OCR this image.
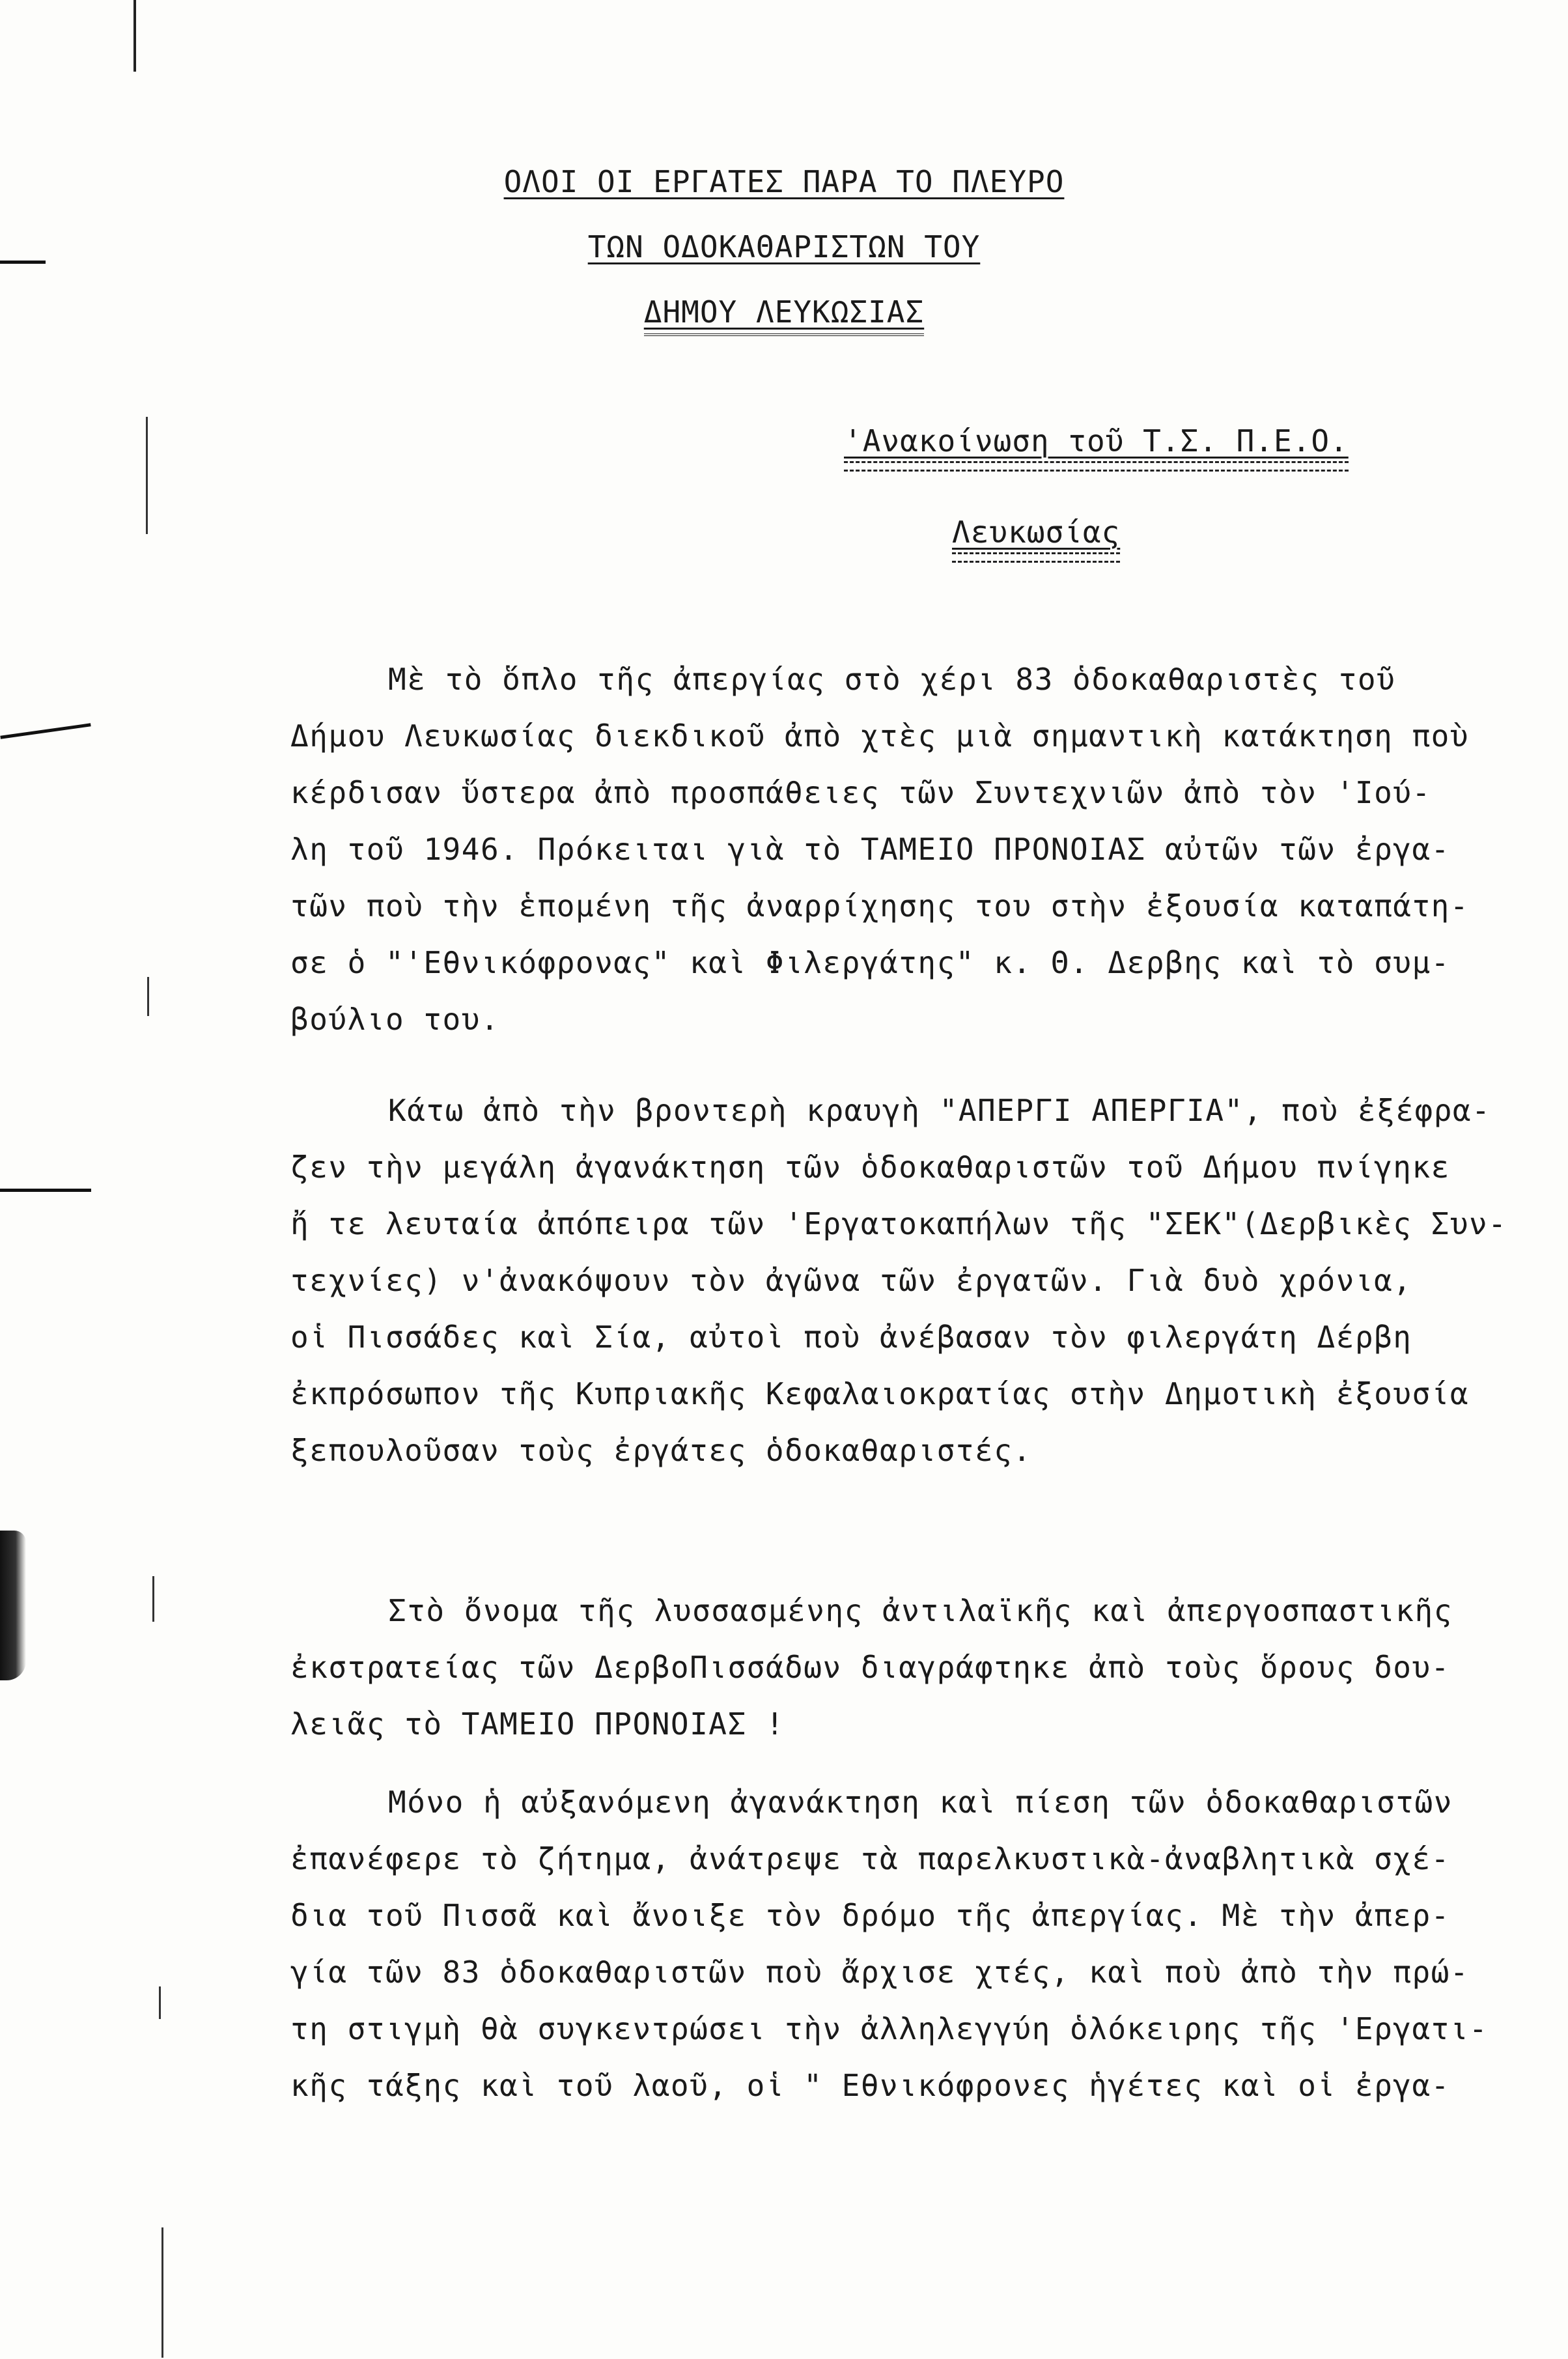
ΟΛΟΙ ΟΙ ΕΡΓΑΤΕΣ ΠΑΡΑ ΤΟ ΠΛΕΥΡΟ
ΤΩΝ ΟΔΟΚΑΘΑΡΙΣΤΩΝ ΤΟΥ
ΔΗΜΟΥ ΛΕΥΚΩΣΙΑΣ
'Ανακοίνωση τοῦ Τ.Σ. Π.Ε.Ο.
Λευκωσίας
Μὲ τὸ ὅπλο τῆς ἀπεργίας στὸ χέρι 83 ὁδοκαθαριστὲς τοῦ
Δήμου Λευκωσίας διεκδικοῦ ἀπὸ χτὲς μιὰ σημαντικὴ κατάκτηση ποὺ
κέρδισαν ὕστερα ἀπὸ προσπάθειες τῶν Συντεχνιῶν ἀπὸ τὸν 'Ιού-
λη τοῦ 1946. Πρόκειται γιὰ τὸ ΤΑΜΕΙΟ ΠΡΟΝΟΙΑΣ αὐτῶν τῶν ἐργα-
τῶν ποὺ τὴν ἑπομένη τῆς ἀναρρίχησης του στὴν ἐξουσία καταπάτη-
σε ὁ "'Εθνικόφρονας" καὶ Φιλεργάτης" κ. Θ. Δερβης καὶ τὸ συμ-
βούλιο του.
Κάτω ἀπὸ τὴν βροντερὴ κραυγὴ "ΑΠΕΡΓΙ ΑΠΕΡΓΙΑ", ποὺ ἐξέφρα-
ζεν τὴν μεγάλη ἀγανάκτηση τῶν ὁδοκαθαριστῶν τοῦ Δήμου πνίγηκε
ἤ τε λευταία ἀπόπειρα τῶν 'Εργατοκαπήλων τῆς "ΣΕΚ"(Δερβικὲς Συν-
τεχνίες) ν'ἀνακόψουν τὸν ἀγῶνα τῶν ἐργατῶν. Γιὰ δυὸ χρόνια,
οἱ Πισσάδες καὶ Σία, αὐτοὶ ποὺ ἀνέβασαν τὸν φιλεργάτη Δέρβη
ἐκπρόσωπον τῆς Κυπριακῆς Κεφαλαιοκρατίας στὴν Δημοτικὴ ἐξουσία
ξεπουλοῦσαν τοὺς ἐργάτες ὁδοκαθαριστές.
Στὸ ὄνομα τῆς λυσσασμένης ἀντιλαϊκῆς καὶ ἀπεργοσπαστικῆς
ἐκστρατείας τῶν ΔερβοΠισσάδων διαγράφτηκε ἀπὸ τοὺς ὅρους δου-
λειᾶς τὸ ΤΑΜΕΙΟ ΠΡΟΝΟΙΑΣ !
Μόνο ἡ αὐξανόμενη ἀγανάκτηση καὶ πίεση τῶν ὁδοκαθαριστῶν
ἐπανέφερε τὸ ζήτημα, ἀνάτρεψε τὰ παρελκυστικὰ-ἀναβλητικὰ σχέ-
δια τοῦ Πισσᾶ καὶ ἄνοιξε τὸν δρόμο τῆς ἀπεργίας. Μὲ τὴν ἀπερ-
γία τῶν 83 ὁδοκαθαριστῶν ποὺ ἄρχισε χτές, καὶ ποὺ ἀπὸ τὴν πρώ-
τη στιγμὴ θὰ συγκεντρώσει τὴν ἀλληλεγγύη ὁλόκειρης τῆς 'Εργατι-
κῆς τάξης καὶ τοῦ λαοῦ, οἱ " Εθνικόφρονες ἡγέτες καὶ οἱ ἐργα-
